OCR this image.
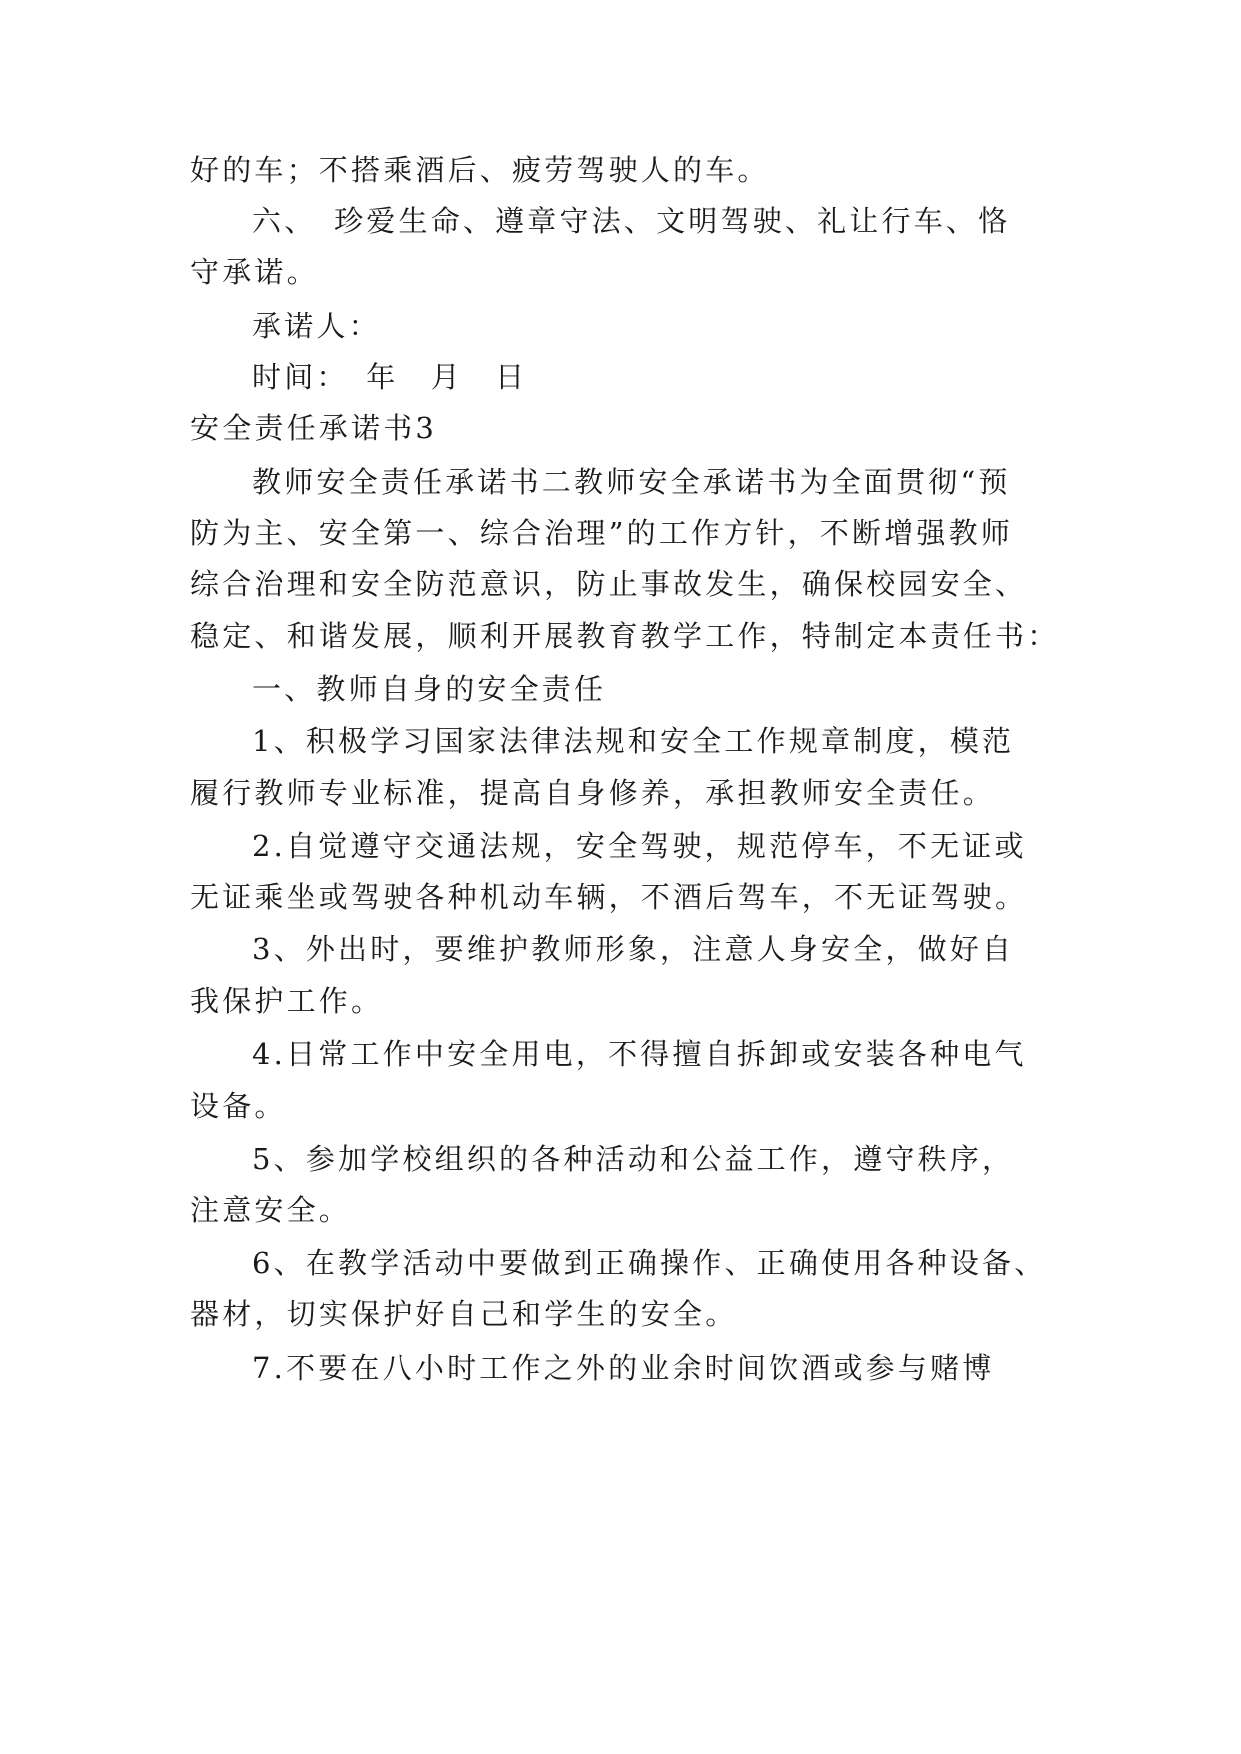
好的车；不搭乘酒后、疲劳驾驶人的车。
六、　珍爱生命、遵章守法、文明驾驶、礼让行车、恪
守承诺。
承诺人：
时间：　年　月　日
安全责任承诺书3
教师安全责任承诺书二教师安全承诺书为全面贯彻“预
防为主、安全第一、综合治理”的工作方针，不断增强教师
综合治理和安全防范意识，防止事故发生，确保校园安全、
稳定、和谐发展，顺利开展教育教学工作，特制定本责任书：
一、教师自身的安全责任
1、积极学习国家法律法规和安全工作规章制度，模范
履行教师专业标准，提高自身修养，承担教师安全责任。
2.自觉遵守交通法规，安全驾驶，规范停车，不无证或
无证乘坐或驾驶各种机动车辆，不酒后驾车，不无证驾驶。
3、外出时，要维护教师形象，注意人身安全，做好自
我保护工作。
4.日常工作中安全用电，不得擅自拆卸或安装各种电气
设备。
5、参加学校组织的各种活动和公益工作，遵守秩序，
注意安全。
6、在教学活动中要做到正确操作、正确使用各种设备、
器材，切实保护好自己和学生的安全。
7.不要在八小时工作之外的业余时间饮酒或参与赌博
